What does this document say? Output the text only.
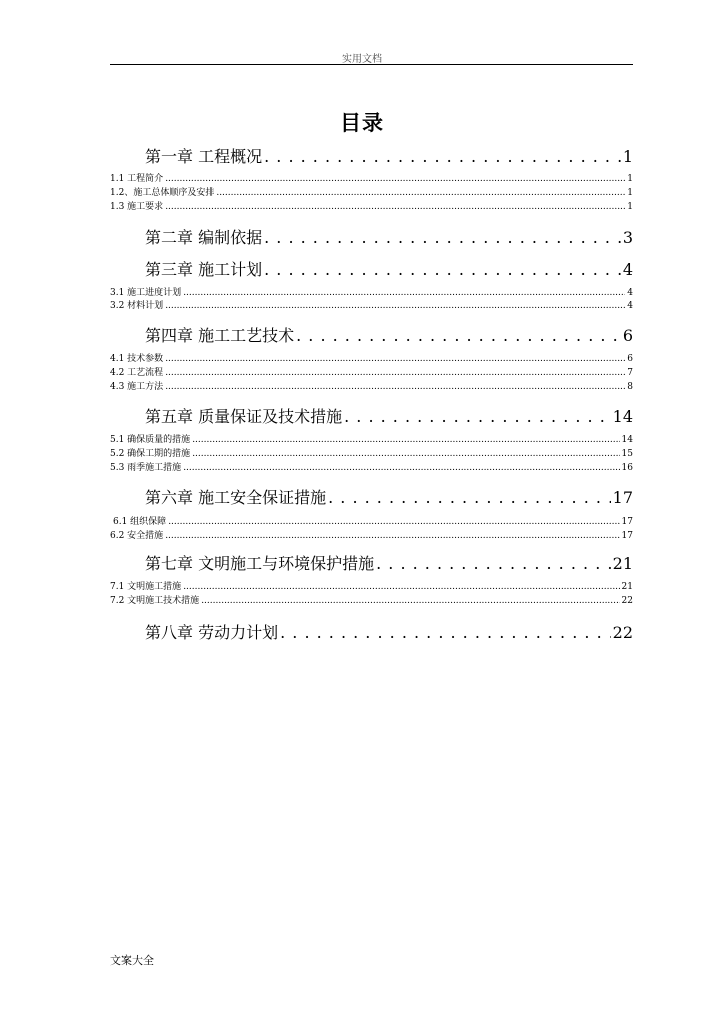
实用文档
目录
第一章 工程概况 . . .	1
1.1 工程简介 .....	1
1.2、施工总体顺序及安排 .....	1
1.3 施工要求 .....	1
第二章 编制依据 . . .	3
第三章 施工计划 . . .	4
3.1 施工进度计划 .....	4
3.2 材料计划 .....	4
第四章 施工工艺技术 . . .	6
4.1 技术参数 .....	6
4.2 工艺流程 .....	7
4.3 施工方法 .....	8
第五章 质量保证及技术措施 . . .	14
5.1 确保质量的措施 .....	14
5.2 确保工期的措施 .....	15
5.3 雨季施工措施 .....	16
第六章 施工安全保证措施 . . .	17
6.1 组织保障 .....	17
6.2 安全措施 .....	17
第七章 文明施工与环境保护措施 . . .	21
7.1 文明施工措施 .....	21
7.2 文明施工技术措施 .....	22
第八章 劳动力计划 . . .	22
文案大全
